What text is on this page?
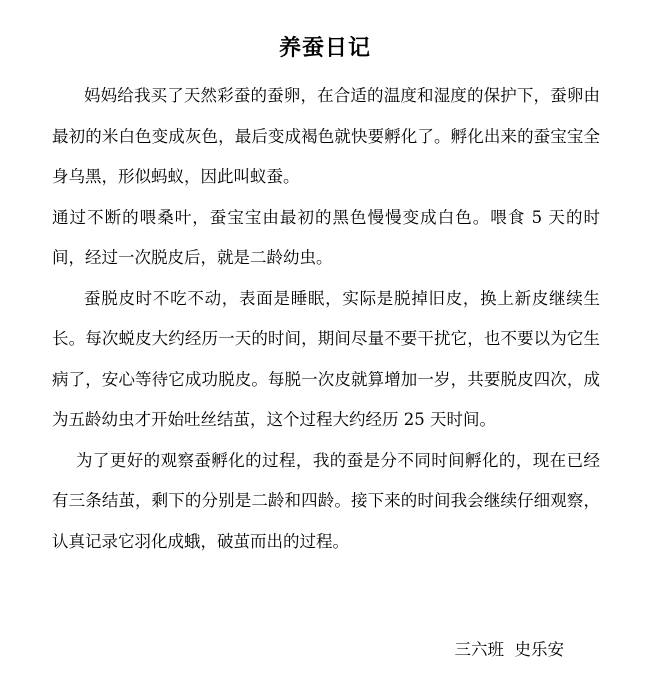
养蚕日记

妈妈给我买了天然彩蚕的蚕卵，在合适的温度和湿度的保护下，蚕卵由最初的米白色变成灰色，最后变成褐色就快要孵化了。孵化出来的蚕宝宝全身乌黑，形似蚂蚁，因此叫蚁蚕。

通过不断的喂桑叶，蚕宝宝由最初的黑色慢慢变成白色。喂食 5 天的时间，经过一次脱皮后，就是二龄幼虫。

蚕脱皮时不吃不动，表面是睡眠，实际是脱掉旧皮，换上新皮继续生长。每次蜕皮大约经历一天的时间，期间尽量不要干扰它，也不要以为它生病了，安心等待它成功脱皮。每脱一次皮就算增加一岁，共要脱皮四次，成为五龄幼虫才开始吐丝结茧，这个过程大约经历 25 天时间。

为了更好的观察蚕孵化的过程，我的蚕是分不同时间孵化的，现在已经有三条结茧，剩下的分别是二龄和四龄。接下来的时间我会继续仔细观察，认真记录它羽化成蛾，破茧而出的过程。

三六班  史乐安
